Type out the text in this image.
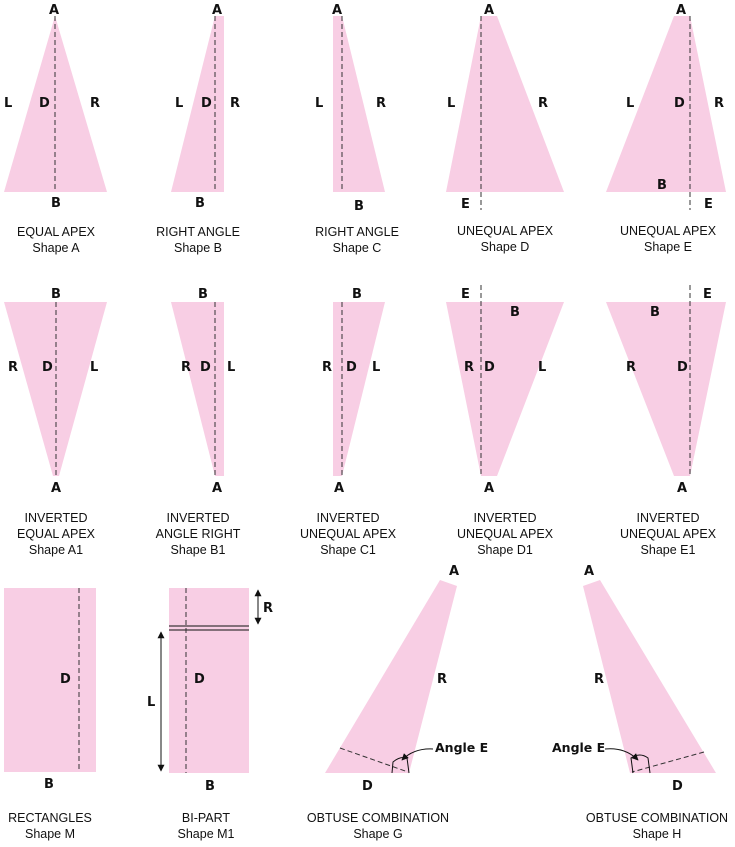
A
L D	R
B
A
L D R
B
A
L	R
B
A
L	R
E
A
L	D R
B
E
B
R D	L
A
B
R D L
A
B
R D L
A
E
B
R D	L
A
B
E
R	D
A
D
B
R
L
D
B
A
R
D
Angle E
A
R
D
Angle E
EQUAL APEX
Shape A
RIGHT ANGLE
Shape B
RIGHT ANGLE
Shape C
UNEQUAL APEX
Shape D
UNEQUAL APEX
Shape E
INVERTED
EQUAL APEX
Shape A1
INVERTED
ANGLE RIGHT
Shape B1
INVERTED
UNEQUAL APEX
Shape C1
INVERTED
UNEQUAL APEX
Shape D1
INVERTED
UNEQUAL APEX
Shape E1
RECTANGLES
Shape M
BI-PART
Shape M1
OBTUSE COMBINATION
Shape G
OBTUSE COMBINATION
Shape H
